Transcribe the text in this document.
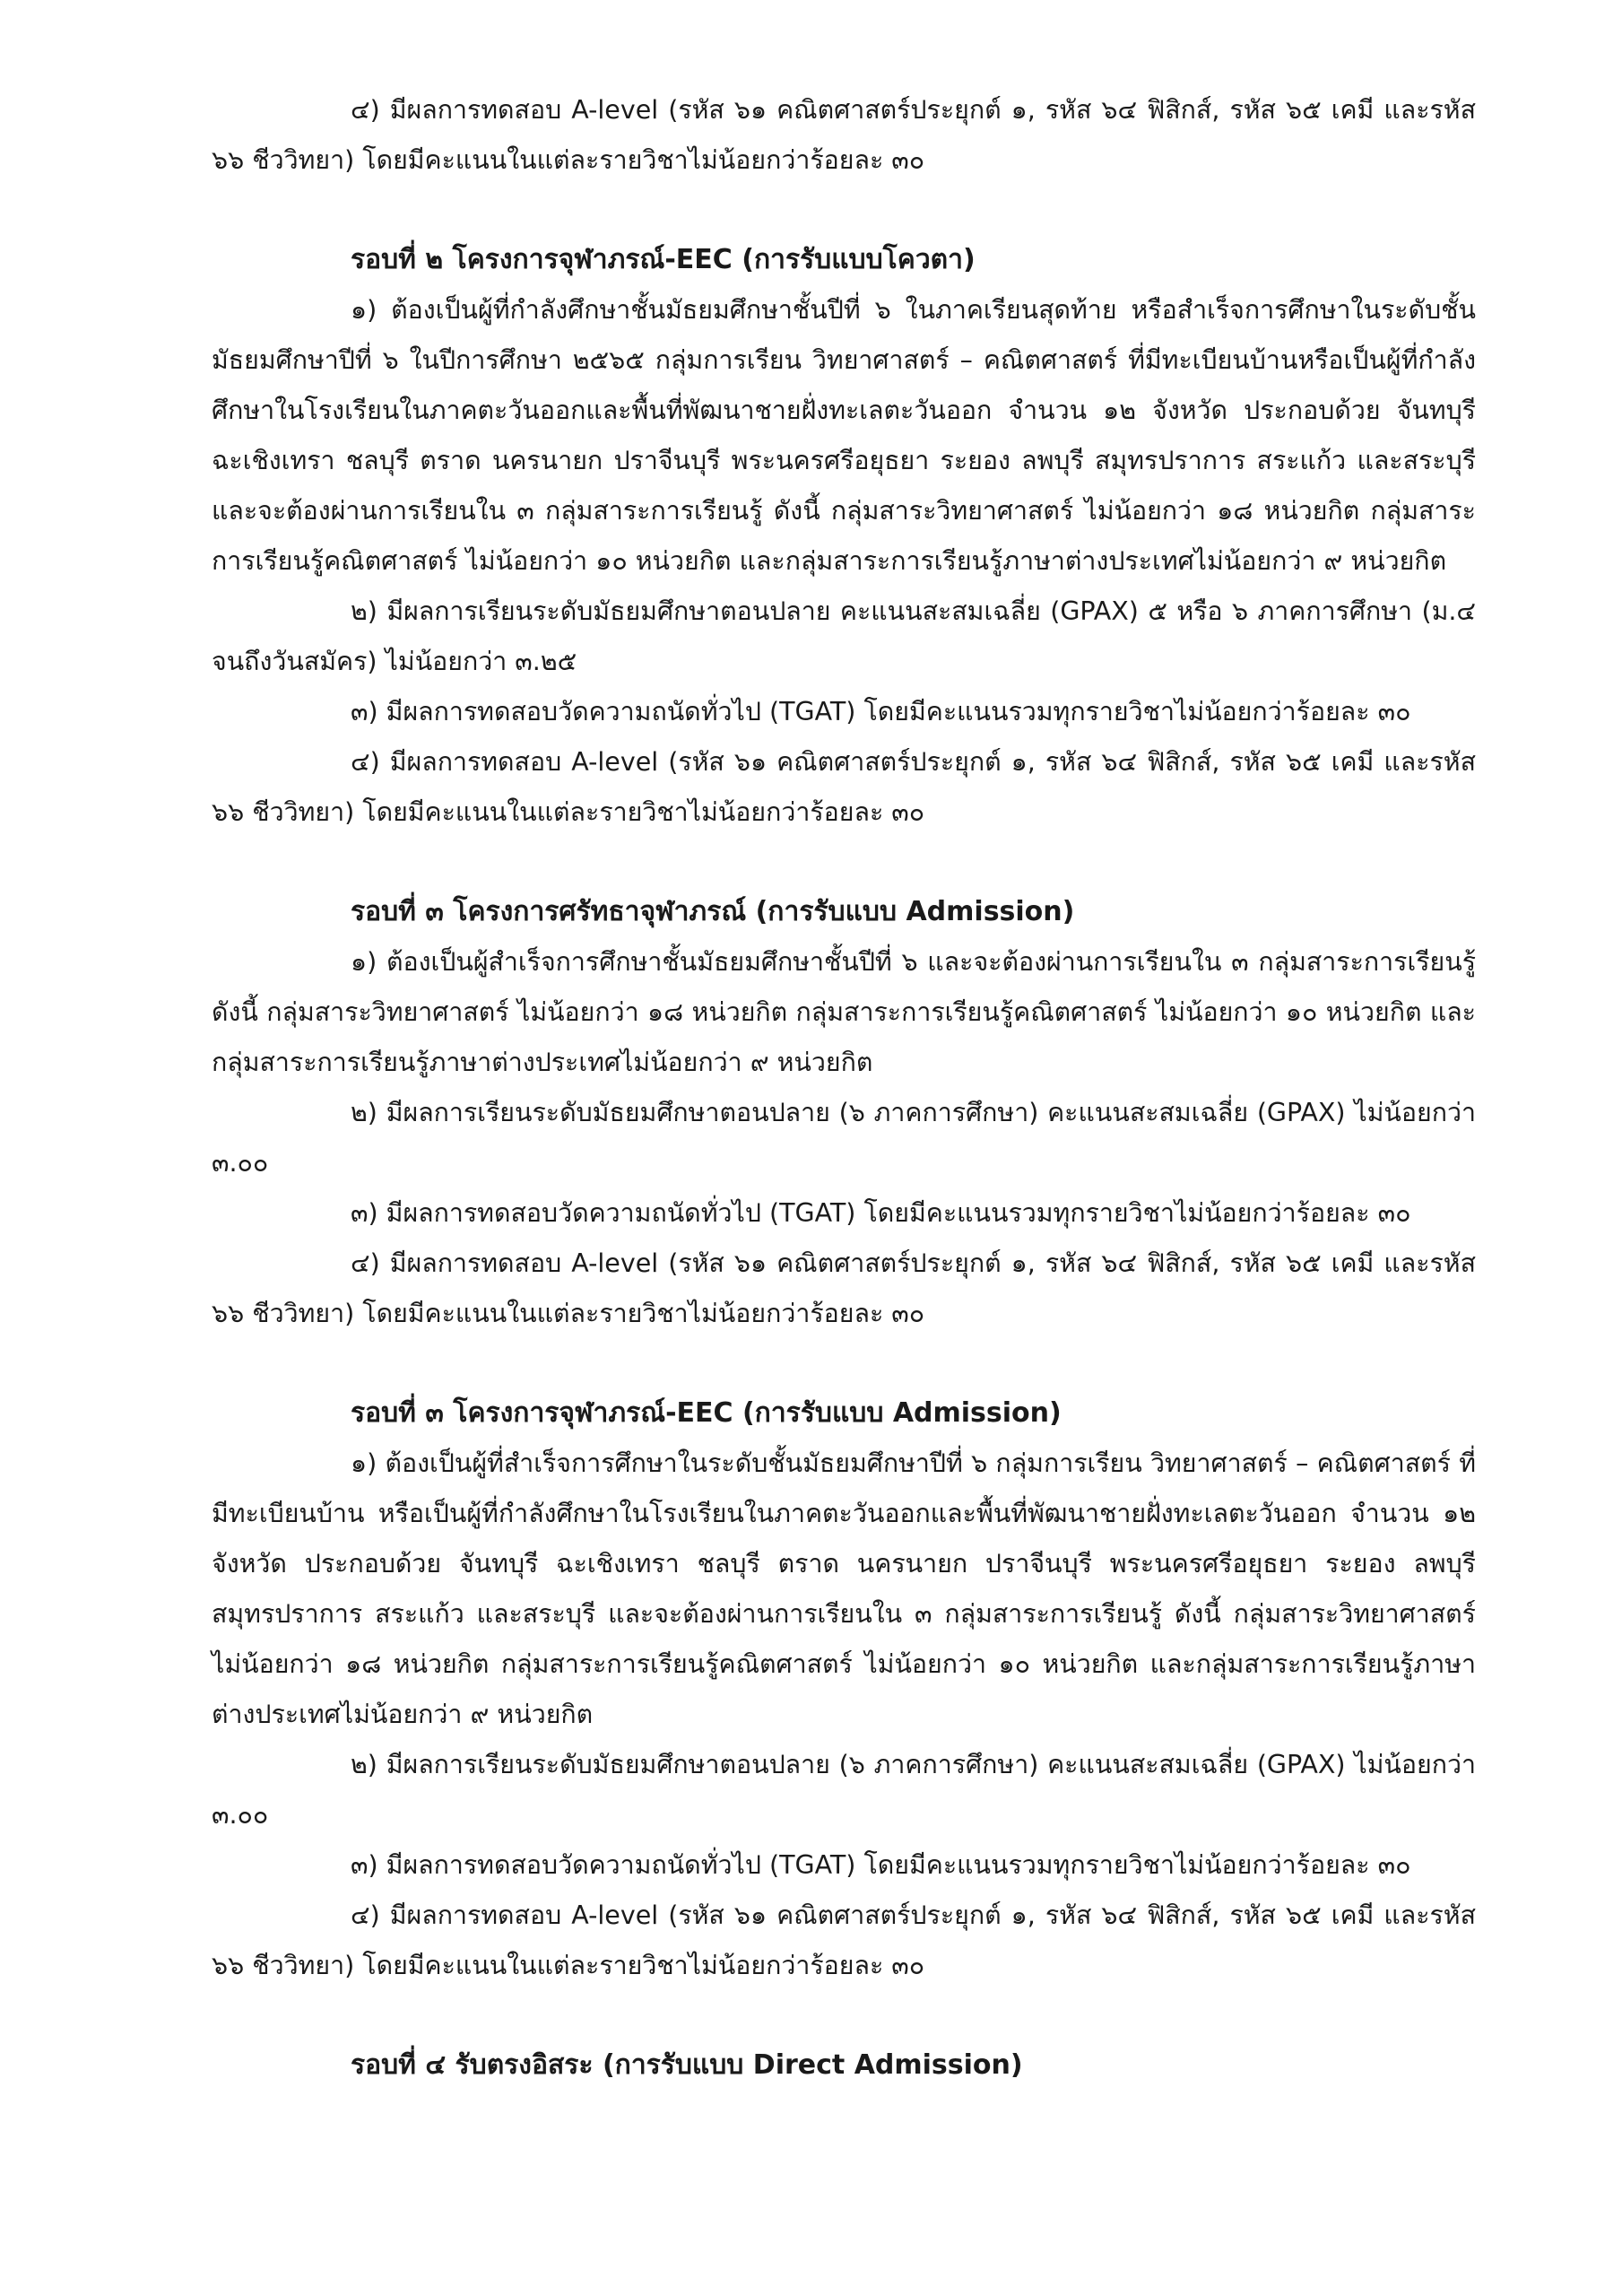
๔) มีผลการทดสอบ A-level (รหัส ๖๑ คณิตศาสตร์ประยุกต์ ๑, รหัส ๖๔ ฟิสิกส์, รหัส ๖๕ เคมี และรหัส ๖๖ ชีววิทยา) โดยมีคะแนนในแต่ละรายวิชาไม่น้อยกว่าร้อยละ ๓๐

รอบที่ ๒ โครงการจุฬาภรณ์-EEC (การรับแบบโควตา)

๑) ต้องเป็นผู้ที่กำลังศึกษาชั้นมัธยมศึกษาชั้นปีที่ ๖ ในภาคเรียนสุดท้าย หรือสำเร็จการศึกษาในระดับชั้นมัธยมศึกษาปีที่ ๖ ในปีการศึกษา ๒๕๖๕ กลุ่มการเรียน วิทยาศาสตร์ – คณิตศาสตร์ ที่มีทะเบียนบ้านหรือเป็นผู้ที่กำลังศึกษาในโรงเรียนในภาคตะวันออกและพื้นที่พัฒนาชายฝั่งทะเลตะวันออก จำนวน ๑๒ จังหวัด ประกอบด้วย จันทบุรี ฉะเชิงเทรา ชลบุรี ตราด นครนายก ปราจีนบุรี พระนครศรีอยุธยา ระยอง ลพบุรี สมุทรปราการ สระแก้ว และสระบุรี และจะต้องผ่านการเรียนใน ๓ กลุ่มสาระการเรียนรู้ ดังนี้ กลุ่มสาระวิทยาศาสตร์ ไม่น้อยกว่า ๑๘ หน่วยกิต กลุ่มสาระการเรียนรู้คณิตศาสตร์ ไม่น้อยกว่า ๑๐ หน่วยกิต และกลุ่มสาระการเรียนรู้ภาษาต่างประเทศไม่น้อยกว่า ๙ หน่วยกิต

๒) มีผลการเรียนระดับมัธยมศึกษาตอนปลาย คะแนนสะสมเฉลี่ย (GPAX) ๕ หรือ ๖ ภาคการศึกษา (ม.๔ จนถึงวันสมัคร) ไม่น้อยกว่า ๓.๒๕

๓) มีผลการทดสอบวัดความถนัดทั่วไป (TGAT) โดยมีคะแนนรวมทุกรายวิชาไม่น้อยกว่าร้อยละ ๓๐

๔) มีผลการทดสอบ A-level (รหัส ๖๑ คณิตศาสตร์ประยุกต์ ๑, รหัส ๖๔ ฟิสิกส์, รหัส ๖๕ เคมี และรหัส ๖๖ ชีววิทยา) โดยมีคะแนนในแต่ละรายวิชาไม่น้อยกว่าร้อยละ ๓๐

รอบที่ ๓ โครงการศรัทธาจุฬาภรณ์ (การรับแบบ Admission)

๑) ต้องเป็นผู้สำเร็จการศึกษาชั้นมัธยมศึกษาชั้นปีที่ ๖ และจะต้องผ่านการเรียนใน ๓ กลุ่มสาระการเรียนรู้ ดังนี้ กลุ่มสาระวิทยาศาสตร์ ไม่น้อยกว่า ๑๘ หน่วยกิต กลุ่มสาระการเรียนรู้คณิตศาสตร์ ไม่น้อยกว่า ๑๐ หน่วยกิต และกลุ่มสาระการเรียนรู้ภาษาต่างประเทศไม่น้อยกว่า ๙ หน่วยกิต

๒) มีผลการเรียนระดับมัธยมศึกษาตอนปลาย (๖ ภาคการศึกษา) คะแนนสะสมเฉลี่ย (GPAX) ไม่น้อยกว่า ๓.๐๐

๓) มีผลการทดสอบวัดความถนัดทั่วไป (TGAT) โดยมีคะแนนรวมทุกรายวิชาไม่น้อยกว่าร้อยละ ๓๐

๔) มีผลการทดสอบ A-level (รหัส ๖๑ คณิตศาสตร์ประยุกต์ ๑, รหัส ๖๔ ฟิสิกส์, รหัส ๖๕ เคมี และรหัส ๖๖ ชีววิทยา) โดยมีคะแนนในแต่ละรายวิชาไม่น้อยกว่าร้อยละ ๓๐

รอบที่ ๓ โครงการจุฬาภรณ์-EEC (การรับแบบ Admission)

๑) ต้องเป็นผู้ที่สำเร็จการศึกษาในระดับชั้นมัธยมศึกษาปีที่ ๖ กลุ่มการเรียน วิทยาศาสตร์ – คณิตศาสตร์ ที่มีทะเบียนบ้าน หรือเป็นผู้ที่กำลังศึกษาในโรงเรียนในภาคตะวันออกและพื้นที่พัฒนาชายฝั่งทะเลตะวันออก จำนวน ๑๒ จังหวัด ประกอบด้วย จันทบุรี ฉะเชิงเทรา ชลบุรี ตราด นครนายก ปราจีนบุรี พระนครศรีอยุธยา ระยอง ลพบุรี สมุทรปราการ สระแก้ว และสระบุรี และจะต้องผ่านการเรียนใน ๓ กลุ่มสาระการเรียนรู้ ดังนี้ กลุ่มสาระวิทยาศาสตร์ ไม่น้อยกว่า ๑๘ หน่วยกิต กลุ่มสาระการเรียนรู้คณิตศาสตร์ ไม่น้อยกว่า ๑๐ หน่วยกิต และกลุ่มสาระการเรียนรู้ภาษาต่างประเทศไม่น้อยกว่า ๙ หน่วยกิต

๒) มีผลการเรียนระดับมัธยมศึกษาตอนปลาย (๖ ภาคการศึกษา) คะแนนสะสมเฉลี่ย (GPAX) ไม่น้อยกว่า ๓.๐๐

๓) มีผลการทดสอบวัดความถนัดทั่วไป (TGAT) โดยมีคะแนนรวมทุกรายวิชาไม่น้อยกว่าร้อยละ ๓๐

๔) มีผลการทดสอบ A-level (รหัส ๖๑ คณิตศาสตร์ประยุกต์ ๑, รหัส ๖๔ ฟิสิกส์, รหัส ๖๕ เคมี และรหัส ๖๖ ชีววิทยา) โดยมีคะแนนในแต่ละรายวิชาไม่น้อยกว่าร้อยละ ๓๐

รอบที่ ๔ รับตรงอิสระ (การรับแบบ Direct Admission)
